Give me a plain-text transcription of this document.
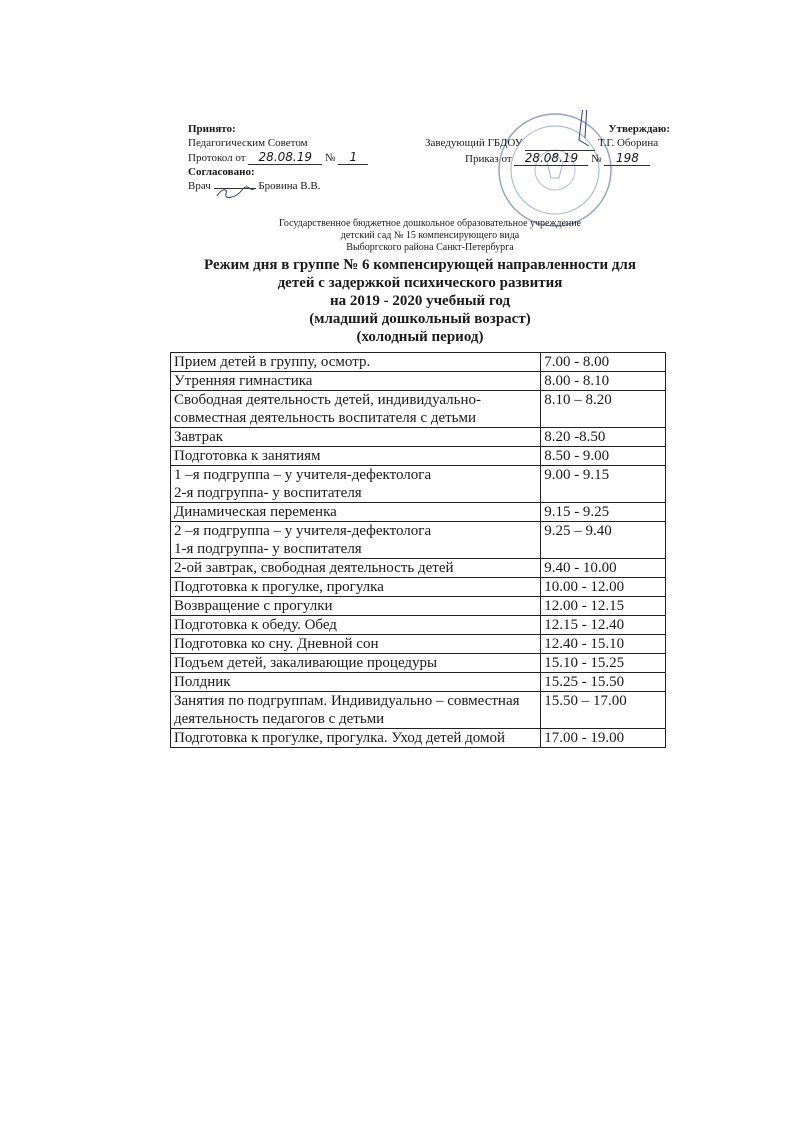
Принято:
Педагогическим Советом
Протокол от 28.08.19 № 1
Согласовано:
Врач	Бровина В.В.
Утверждаю:
Заведующий ГБДОУ	Т.Г. Оборина
Приказ от 28.08.19 № 198
Государственное бюджетное дошкольное образовательное учреждение
детский сад № 15 компенсирующего вида
Выборгского района Санкт-Петербурга
Режим дня в группе № 6 компенсирующей направленности для
детей с задержкой психического развития
на 2019 - 2020 учебный год
(младший дошкольный возраст)
(холодный период)
Прием детей в группу, осмотр.	7.00 - 8.00
Утренняя гимнастика	8.00 - 8.10
Свободная деятельность детей, индивидуально-совместная деятельность воспитателя с детьми	8.10 – 8.20
Завтрак	8.20 -8.50
Подготовка к занятиям	8.50 - 9.00
1 –я подгруппа – у учителя-дефектолога
2-я подгруппа- у воспитателя	9.00 - 9.15
Динамическая переменка	9.15 - 9.25
2 –я подгруппа – у учителя-дефектолога
1-я подгруппа- у воспитателя	9.25 – 9.40
2-ой завтрак, свободная деятельность детей	9.40 - 10.00
Подготовка к прогулке, прогулка	10.00 - 12.00
Возвращение с прогулки	12.00 - 12.15
Подготовка к обеду. Обед	12.15 - 12.40
Подготовка ко сну. Дневной сон	12.40 - 15.10
Подъем детей, закаливающие процедуры	15.10 - 15.25
Полдник	15.25 - 15.50
Занятия по подгруппам. Индивидуально – совместная деятельность педагогов с детьми	15.50 – 17.00
Подготовка к прогулке, прогулка. Уход детей домой	17.00 - 19.00
